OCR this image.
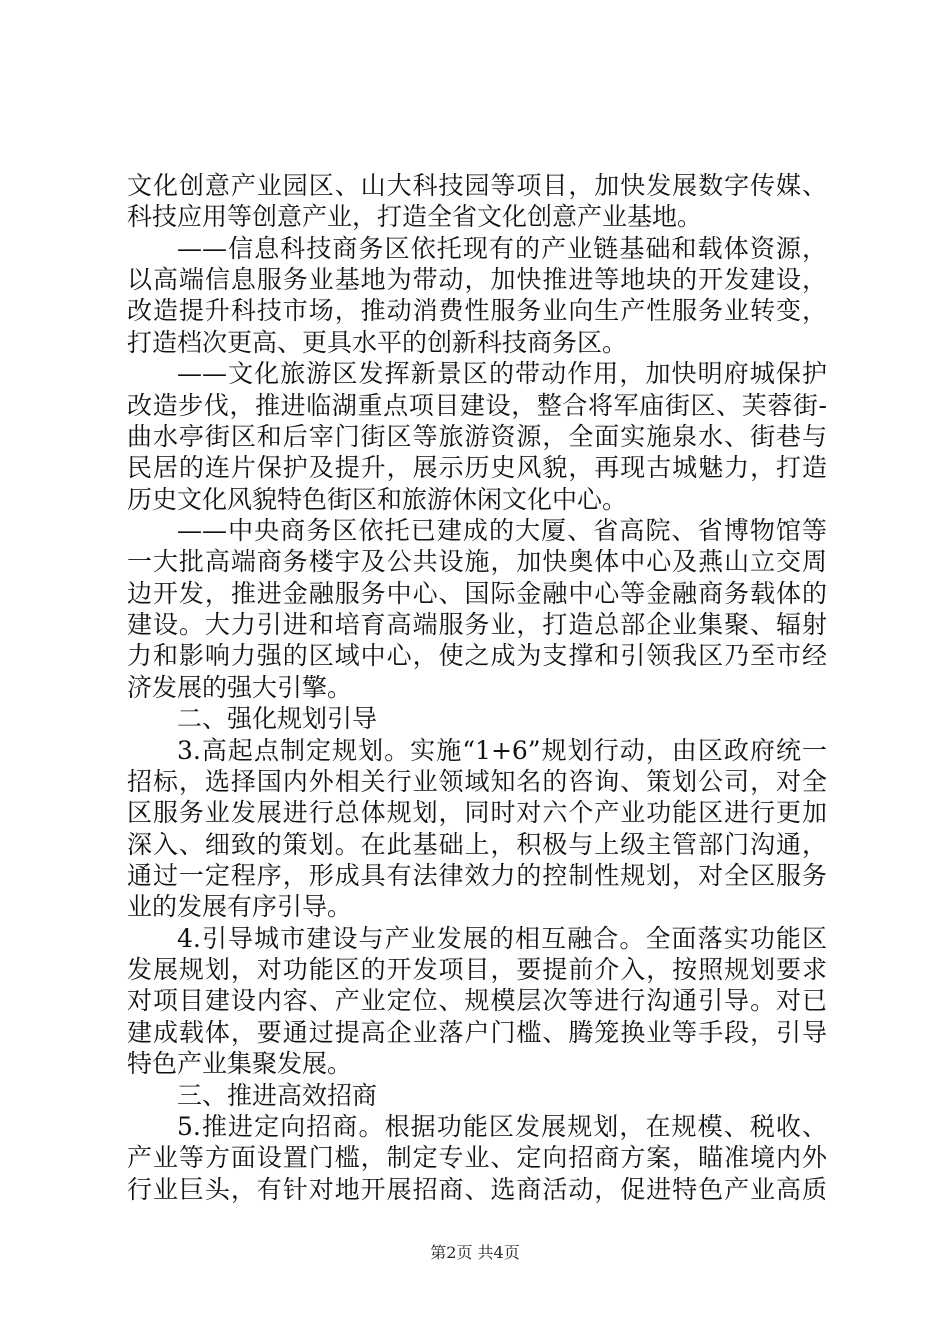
文化创意产业园区、山大科技园等项目，加快发展数字传媒、
科技应用等创意产业，打造全省文化创意产业基地。
——信息科技商务区依托现有的产业链基础和载体资源，
以高端信息服务业基地为带动，加快推进等地块的开发建设，
改造提升科技市场，推动消费性服务业向生产性服务业转变，
打造档次更高、更具水平的创新科技商务区。
——文化旅游区发挥新景区的带动作用，加快明府城保护
改造步伐，推进临湖重点项目建设，整合将军庙街区、芙蓉街-
曲水亭街区和后宰门街区等旅游资源，全面实施泉水、街巷与
民居的连片保护及提升，展示历史风貌，再现古城魅力，打造
历史文化风貌特色街区和旅游休闲文化中心。
——中央商务区依托已建成的大厦、省高院、省博物馆等
一大批高端商务楼宇及公共设施，加快奥体中心及燕山立交周
边开发，推进金融服务中心、国际金融中心等金融商务载体的
建设。大力引进和培育高端服务业，打造总部企业集聚、辐射
力和影响力强的区域中心，使之成为支撑和引领我区乃至市经
济发展的强大引擎。
二、强化规划引导
3.高起点制定规划。实施“1+6”规划行动，由区政府统一
招标，选择国内外相关行业领域知名的咨询、策划公司，对全
区服务业发展进行总体规划，同时对六个产业功能区进行更加
深入、细致的策划。在此基础上，积极与上级主管部门沟通，
通过一定程序，形成具有法律效力的控制性规划，对全区服务
业的发展有序引导。
4.引导城市建设与产业发展的相互融合。全面落实功能区
发展规划，对功能区的开发项目，要提前介入，按照规划要求
对项目建设内容、产业定位、规模层次等进行沟通引导。对已
建成载体，要通过提高企业落户门槛、腾笼换业等手段，引导
特色产业集聚发展。
三、推进高效招商
5.推进定向招商。根据功能区发展规划，在规模、税收、
产业等方面设置门槛，制定专业、定向招商方案，瞄准境内外
行业巨头，有针对地开展招商、选商活动，促进特色产业高质
第2页 共4页
